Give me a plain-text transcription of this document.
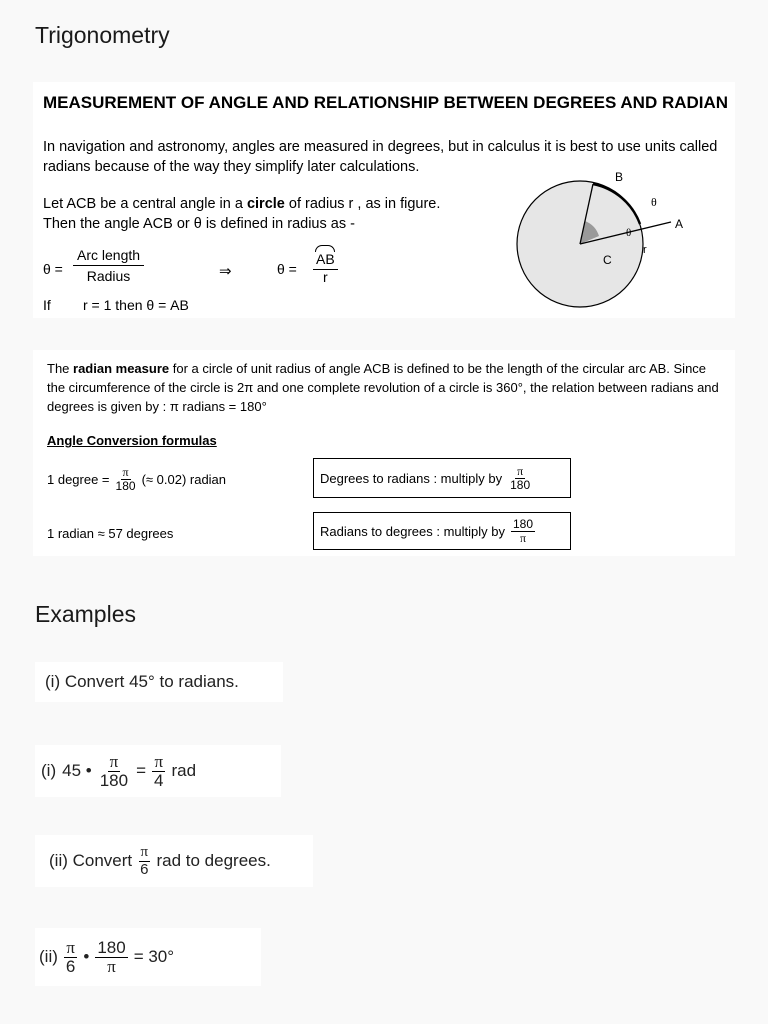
Trigonometry
MEASUREMENT OF ANGLE AND RELATIONSHIP BETWEEN DEGREES AND RADIAN
In navigation and astronomy, angles are measured in degrees, but in calculus it is best to use units called radians because of the way they simplify later calculations.
Let ACB be a central angle in a circle of radius r , as in figure.
Then the angle ACB or θ is defined in radius as -
θ =
Arc length
Radius	⇒	$\theta = \frac{AB}{r}$
If r = 1 then θ = AB
B
θ
θ
A
r
C
The radian measure for a circle of unit radius of angle ACB is defined to be the length of the circular arc AB. Since the circumference of the circle is 2π and one complete revolution of a circle is 360°, the relation between radians and degrees is given by : π radians = 180°
Angle Conversion formulas
1 degree = $\frac{\pi}{180}$ (≈ 0.02) radian
1 radian ≈ 57 degrees
Degrees to radians : multiply by $\frac{\pi}{180}$
Radians to degrees : multiply by $\frac{180}{\pi}$
Examples
(i) Convert 45° to radians.
(i) 45 • $\frac{\pi}{180} = \frac{\pi}{4}$ rad
(ii) Convert $\frac{\pi}{6}$ rad to degrees.
$(ii) \frac{\pi}{6}$ • $\frac{180}{\pi} = 30^\circ$
